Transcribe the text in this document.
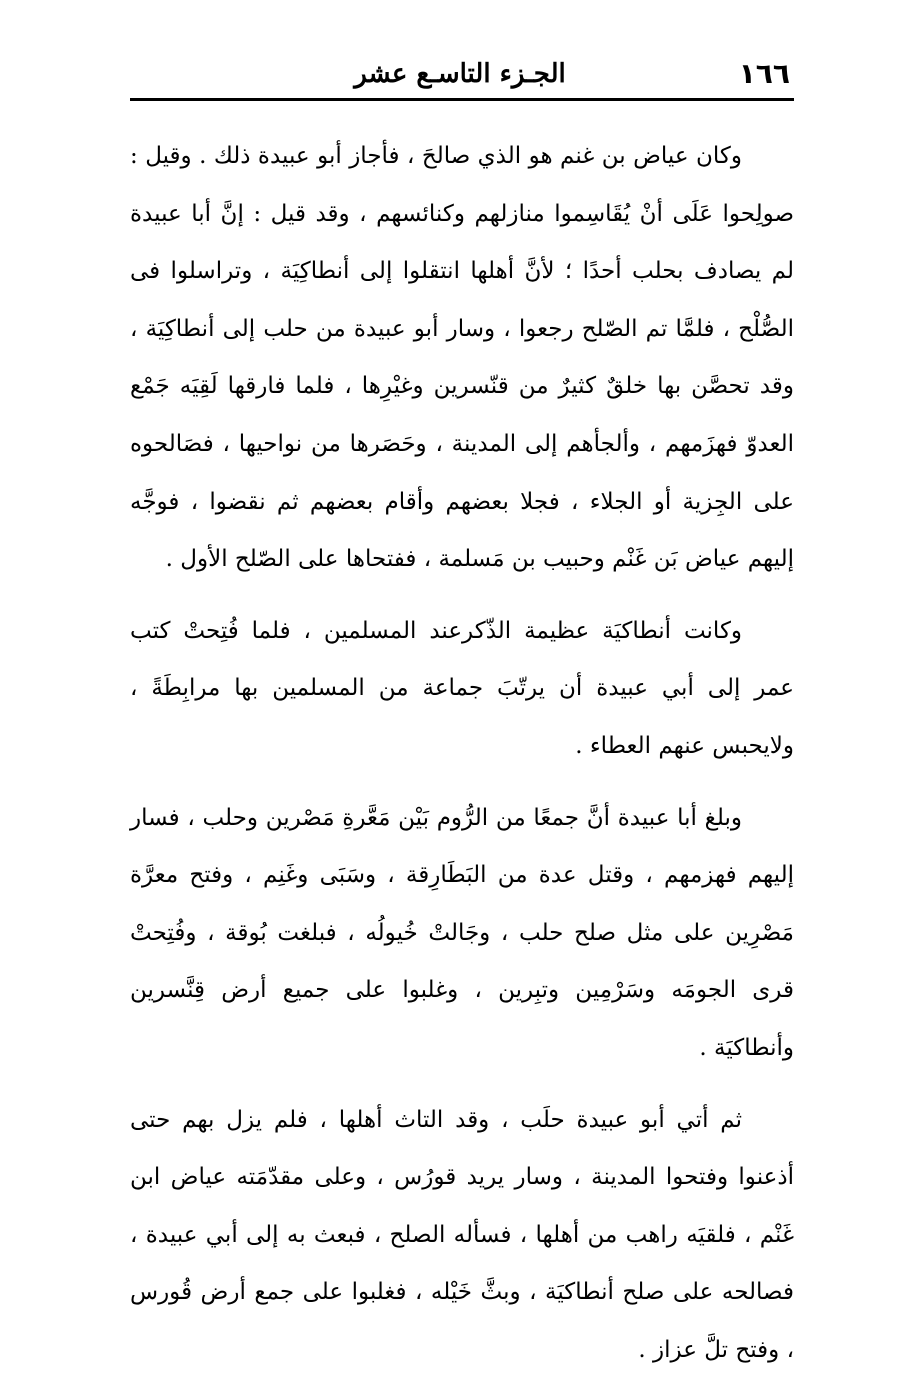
١٦٦
الجـزء التاسـع عشر

وكان عياض بن غنم هو الذي صالحَ ، فأجاز أبو عبيدة ذلك . وقيل : صولِحوا عَلَى أنْ يُقَاسِموا منازلهم وكنائسهم ، وقد قيل : إنَّ أبا عبيدة لم يصادف بحلب أحدًا ؛ لأنَّ أهلها انتقلوا إلى أنطاكِيَة ، وتراسلوا فى الصُّلْح ، فلمَّا تم الصّلح رجعوا ، وسار أبو عبيدة من حلب إلى أنطاكِيَة ، وقد تحصَّن بها خلقٌ كثيرٌ من قنّسرين وغيْرِها ، فلما فارقها لَقِيَه جَمْع العدوّ فهزَمهم ، وألجأهم إلى المدينة ، وحَصَرها من نواحيها ، فصَالحوه على الجِزية أو الجلاء ، فجلا بعضهم وأقام بعضهم ثم نقضوا ، فوجَّه إليهم عياض بَن غَنْم وحبيب بن مَسلمة ، ففتحاها على الصّلح الأول .

وكانت أنطاكيَة عظيمة الذّكرعند المسلمين ، فلما فُتِحتْ كتب عمر إلى أبي عبيدة أن يرتّبَ جماعة من المسلمين بها مرابِطَةً ، ولايحبس عنهم العطاء .

وبلغ أبا عبيدة أنَّ جمعًا من الرُّوم بَيْن مَعَّرةِ مَصْرين وحلب ، فسار إليهم فهزمهم ، وقتل عدة من البَطَارِقة ، وسَبَى وغَنِم ، وفتح معرَّة مَصْرِين على مثل صلح حلب ، وجَالتْ خُيولُه ، فبلغت بُوقة ، وفُتِحتْ قرى الجومَه وسَرْمِين وتبِرين ، وغلبوا على جميع أرض قِنَّسرين وأنطاكيَة .

ثم أتي أبو عبيدة حلَب ، وقد التاث أهلها ، فلم يزل بهم حتى أذعنوا وفتحوا المدينة ، وسار يريد قورُس ، وعلى مقدّمَته عياض ابن غَنْم ، فلقيَه راهب من أهلها ، فسأله الصلح ، فبعث به إلى أبي عبيدة ، فصالحه على صلح أنطاكيَة ، وبثَّ خَيْله ، فغلبوا على جمع أرض قُورس ، وفتح تلَّ عزاز .
